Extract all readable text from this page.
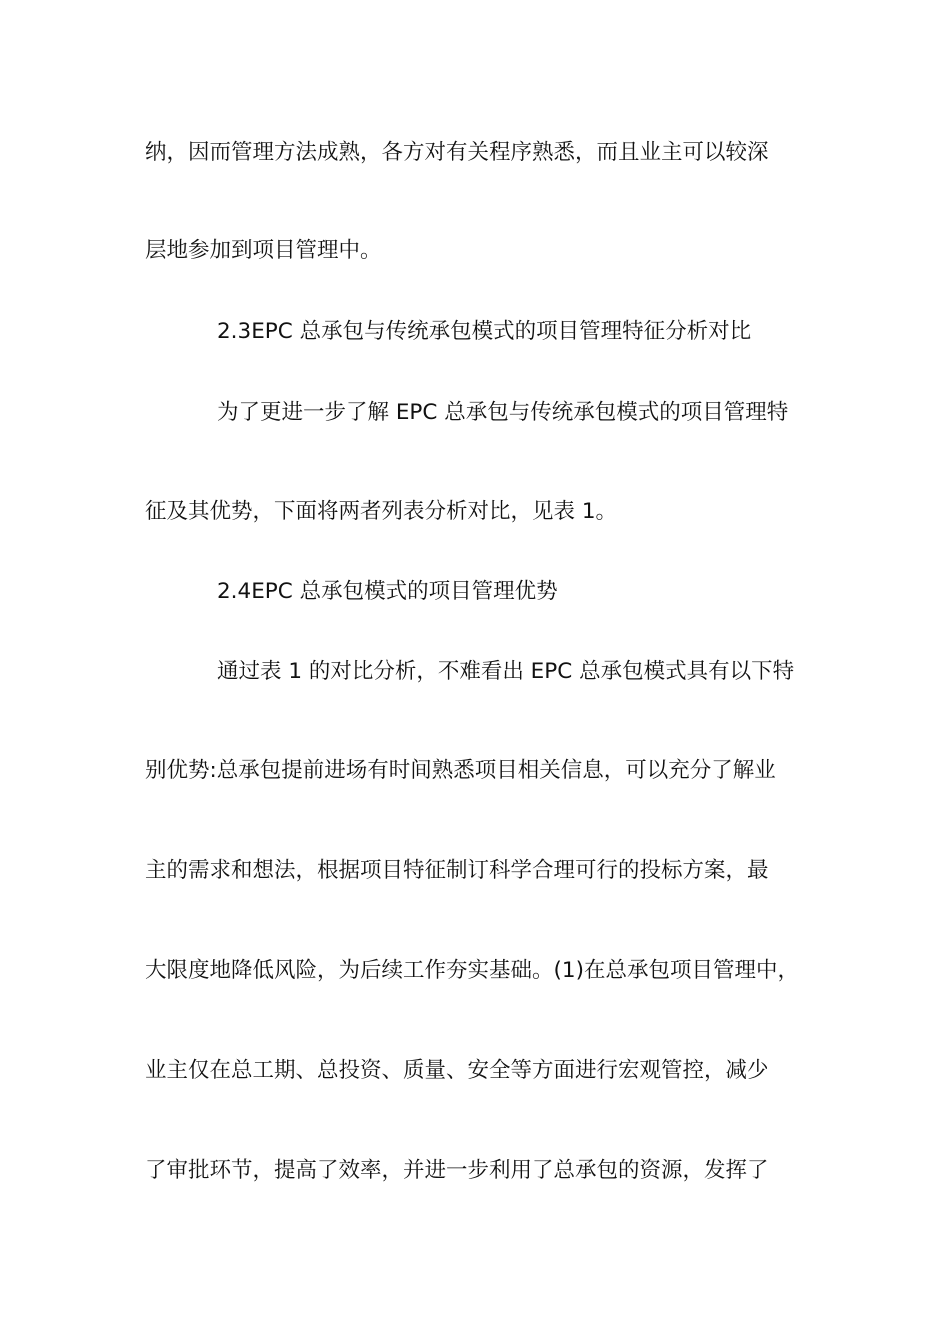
纳，因而管理方法成熟，各方对有关程序熟悉，而且业主可以较深
层地参加到项目管理中。
2.3EPC 总承包与传统承包模式的项目管理特征分析对比
为了更进一步了解 EPC 总承包与传统承包模式的项目管理特
征及其优势，下面将两者列表分析对比，见表 1。
2.4EPC 总承包模式的项目管理优势
通过表 1 的对比分析，不难看出 EPC 总承包模式具有以下特
别优势:总承包提前进场有时间熟悉项目相关信息，可以充分了解业
主的需求和想法，根据项目特征制订科学合理可行的投标方案，最
大限度地降低风险，为后续工作夯实基础。(1)在总承包项目管理中，
业主仅在总工期、总投资、质量、安全等方面进行宏观管控，减少
了审批环节，提高了效率，并进一步利用了总承包的资源，发挥了
